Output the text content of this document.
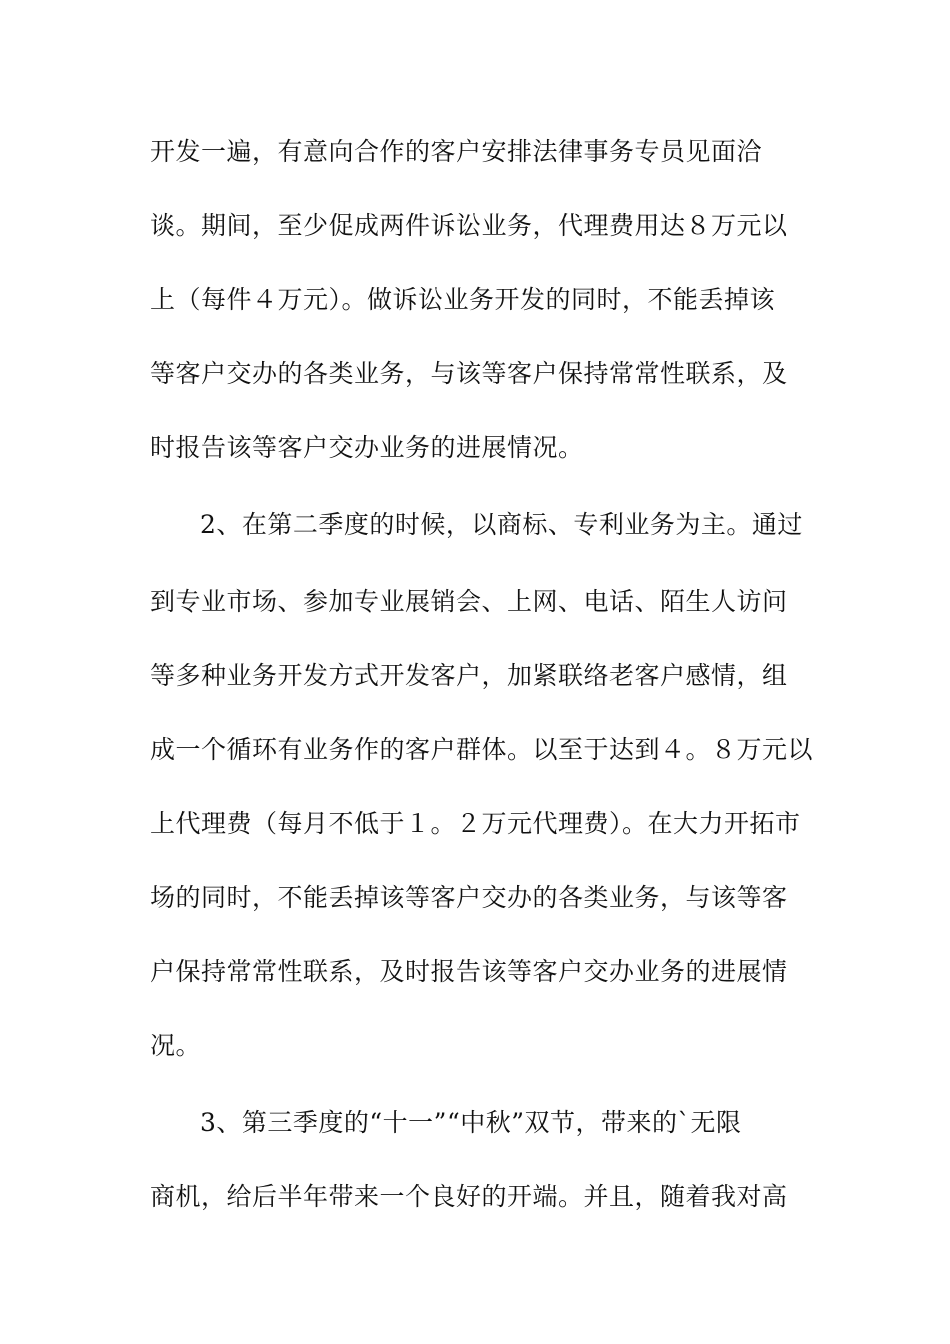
开发一遍，有意向合作的客户安排法律事务专员见面洽
谈。期间，至少促成两件诉讼业务，代理费用达８万元以
上（每件４万元）。做诉讼业务开发的同时，不能丢掉该
等客户交办的各类业务，与该等客户保持常常性联系，及
时报告该等客户交办业务的进展情况。
2、在第二季度的时候，以商标、专利业务为主。通过
到专业市场、参加专业展销会、上网、电话、陌生人访问
等多种业务开发方式开发客户，加紧联络老客户感情，组
成一个循环有业务作的客户群体。以至于达到４。８万元以
上代理费（每月不低于１。２万元代理费）。在大力开拓市
场的同时，不能丢掉该等客户交办的各类业务，与该等客
户保持常常性联系，及时报告该等客户交办业务的进展情
况。
3、第三季度的“十一”“中秋”双节，带来的`无限
商机，给后半年带来一个良好的开端。并且，随着我对高
